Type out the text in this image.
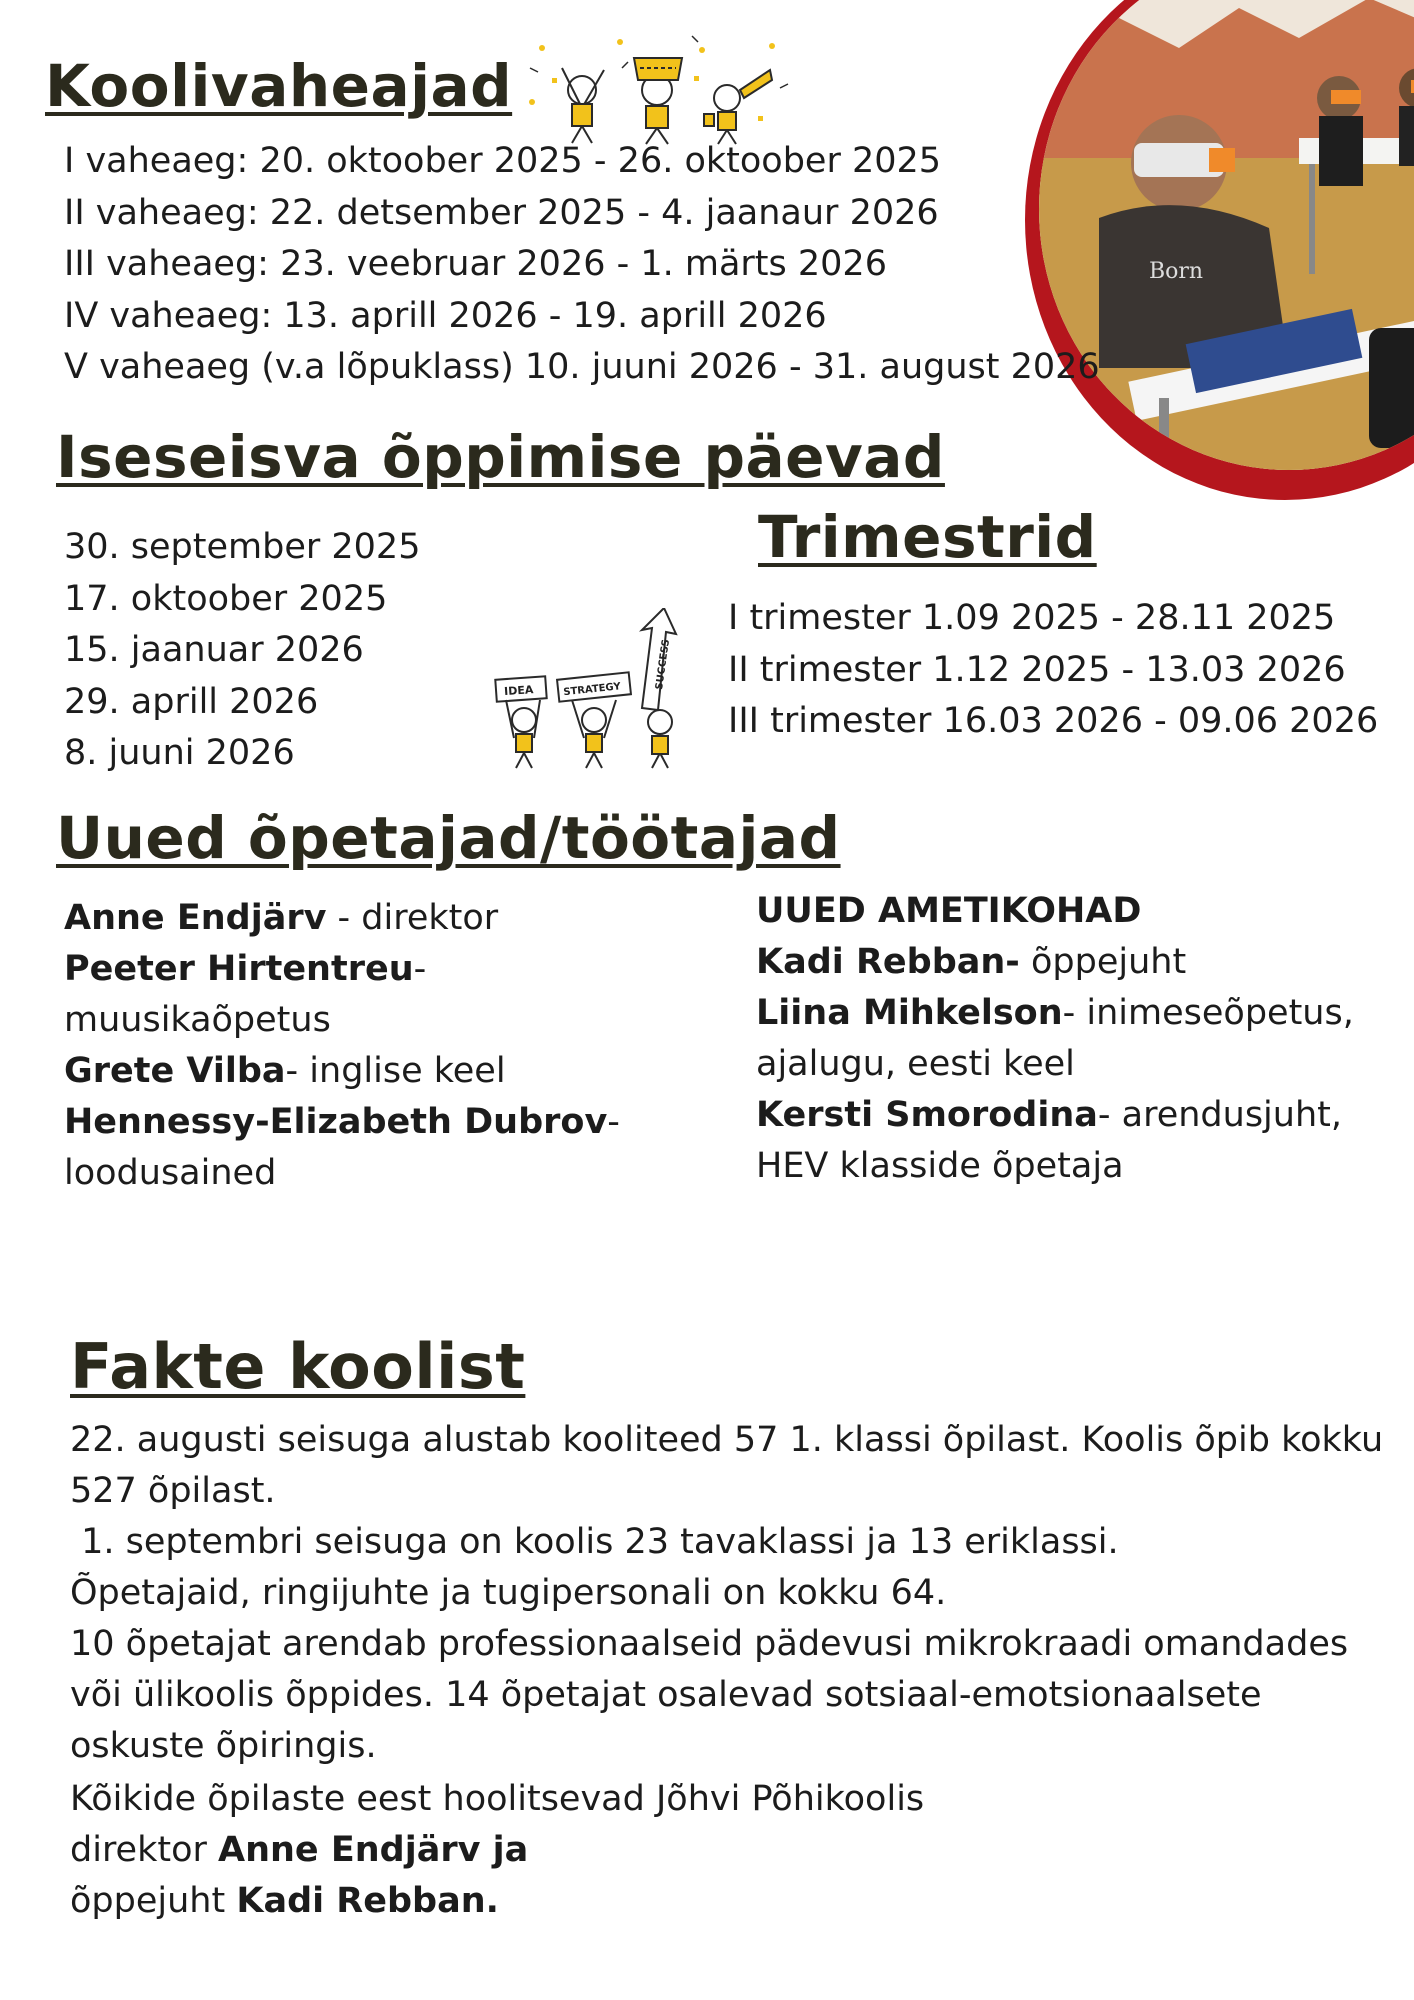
Koolivaheajad
Born
I vaheaeg: 20. oktoober 2025 - 26. oktoober 2025
II vaheaeg: 22. detsember 2025 - 4. jaanaur 2026
III vaheaeg: 23. veebruar 2026 - 1. märts 2026
IV vaheaeg: 13. aprill 2026 - 19. aprill 2026
V vaheaeg (v.a lõpuklass) 10. juuni 2026 - 31. august 2026
Iseseisva õppimise päevad
30. september 2025
17. oktoober 2025
15. jaanuar 2026
29. aprill 2026
8. juuni 2026
IDEA	STRATEGY	SUCCESS
Trimestrid
I trimester 1.09 2025 - 28.11 2025
II trimester 1.12 2025 - 13.03 2026
III trimester 16.03 2026 - 09.06 2026
Uued õpetajad/töötajad
Anne Endjärv - direktor
Peeter Hirtentreu- muusikaõpetus
Grete Vilba- inglise keel
Hennessy-Elizabeth Dubrov- loodusained
UUED AMETIKOHAD
Kadi Rebban- õppejuht
Liina Mihkelson- inimeseõpetus, ajalugu, eesti keel
Kersti Smorodina- arendusjuht, HEV klasside õpetaja
Fakte koolist

22. augusti seisuga alustab kooliteed 57 1. klassi õpilast. Koolis õpib kokku 527 õpilast.

1. septembri seisuga on koolis 23 tavaklassi ja 13 eriklassi.

Õpetajaid, ringijuhte ja tugipersonali on kokku 64.

10 õpetajat arendab professionaalseid pädevusi mikrokraadi omandades või ülikoolis õppides. 14 õpetajat osalevad sotsiaal-emotsionaalsete oskuste õpiringis.

Kõikide õpilaste eest hoolitsevad Jõhvi Põhikoolis

direktor Anne Endjärv ja

õppejuht Kadi Rebban.
